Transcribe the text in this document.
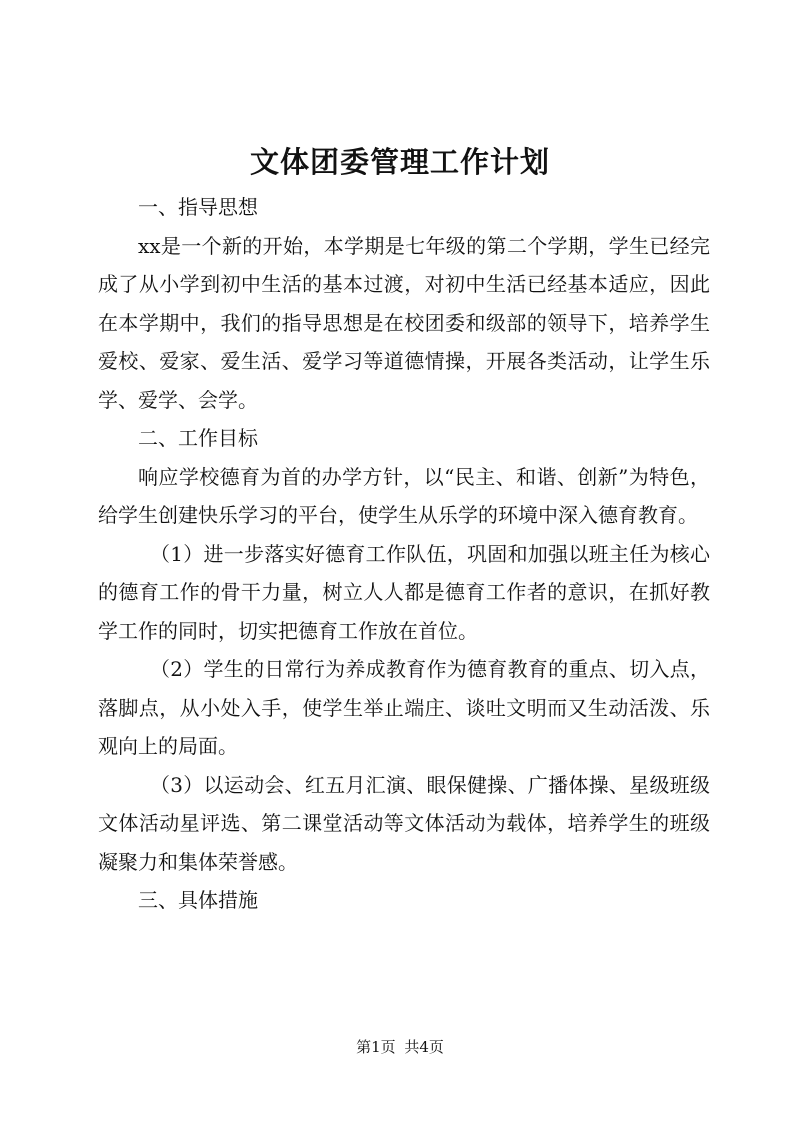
文体团委管理工作计划

一、指导思想

xx是一个新的开始，本学期是七年级的第二个学期，学生已经完成了从小学到初中生活的基本过渡，对初中生活已经基本适应，因此在本学期中，我们的指导思想是在校团委和级部的领导下，培养学生爱校、爱家、爱生活、爱学习等道德情操，开展各类活动，让学生乐学、爱学、会学。

二、工作目标

响应学校德育为首的办学方针，以“民主、和谐、创新”为特色，给学生创建快乐学习的平台，使学生从乐学的环境中深入德育教育。

（1）进一步落实好德育工作队伍，巩固和加强以班主任为核心的德育工作的骨干力量，树立人人都是德育工作者的意识，在抓好教学工作的同时，切实把德育工作放在首位。

（2）学生的日常行为养成教育作为德育教育的重点、切入点，落脚点，从小处入手，使学生举止端庄、谈吐文明而又生动活泼、乐观向上的局面。

（3）以运动会、红五月汇演、眼保健操、广播体操、星级班级文体活动星评选、第二课堂活动等文体活动为载体，培养学生的班级凝聚力和集体荣誉感。

三、具体措施

第1页 共4页
